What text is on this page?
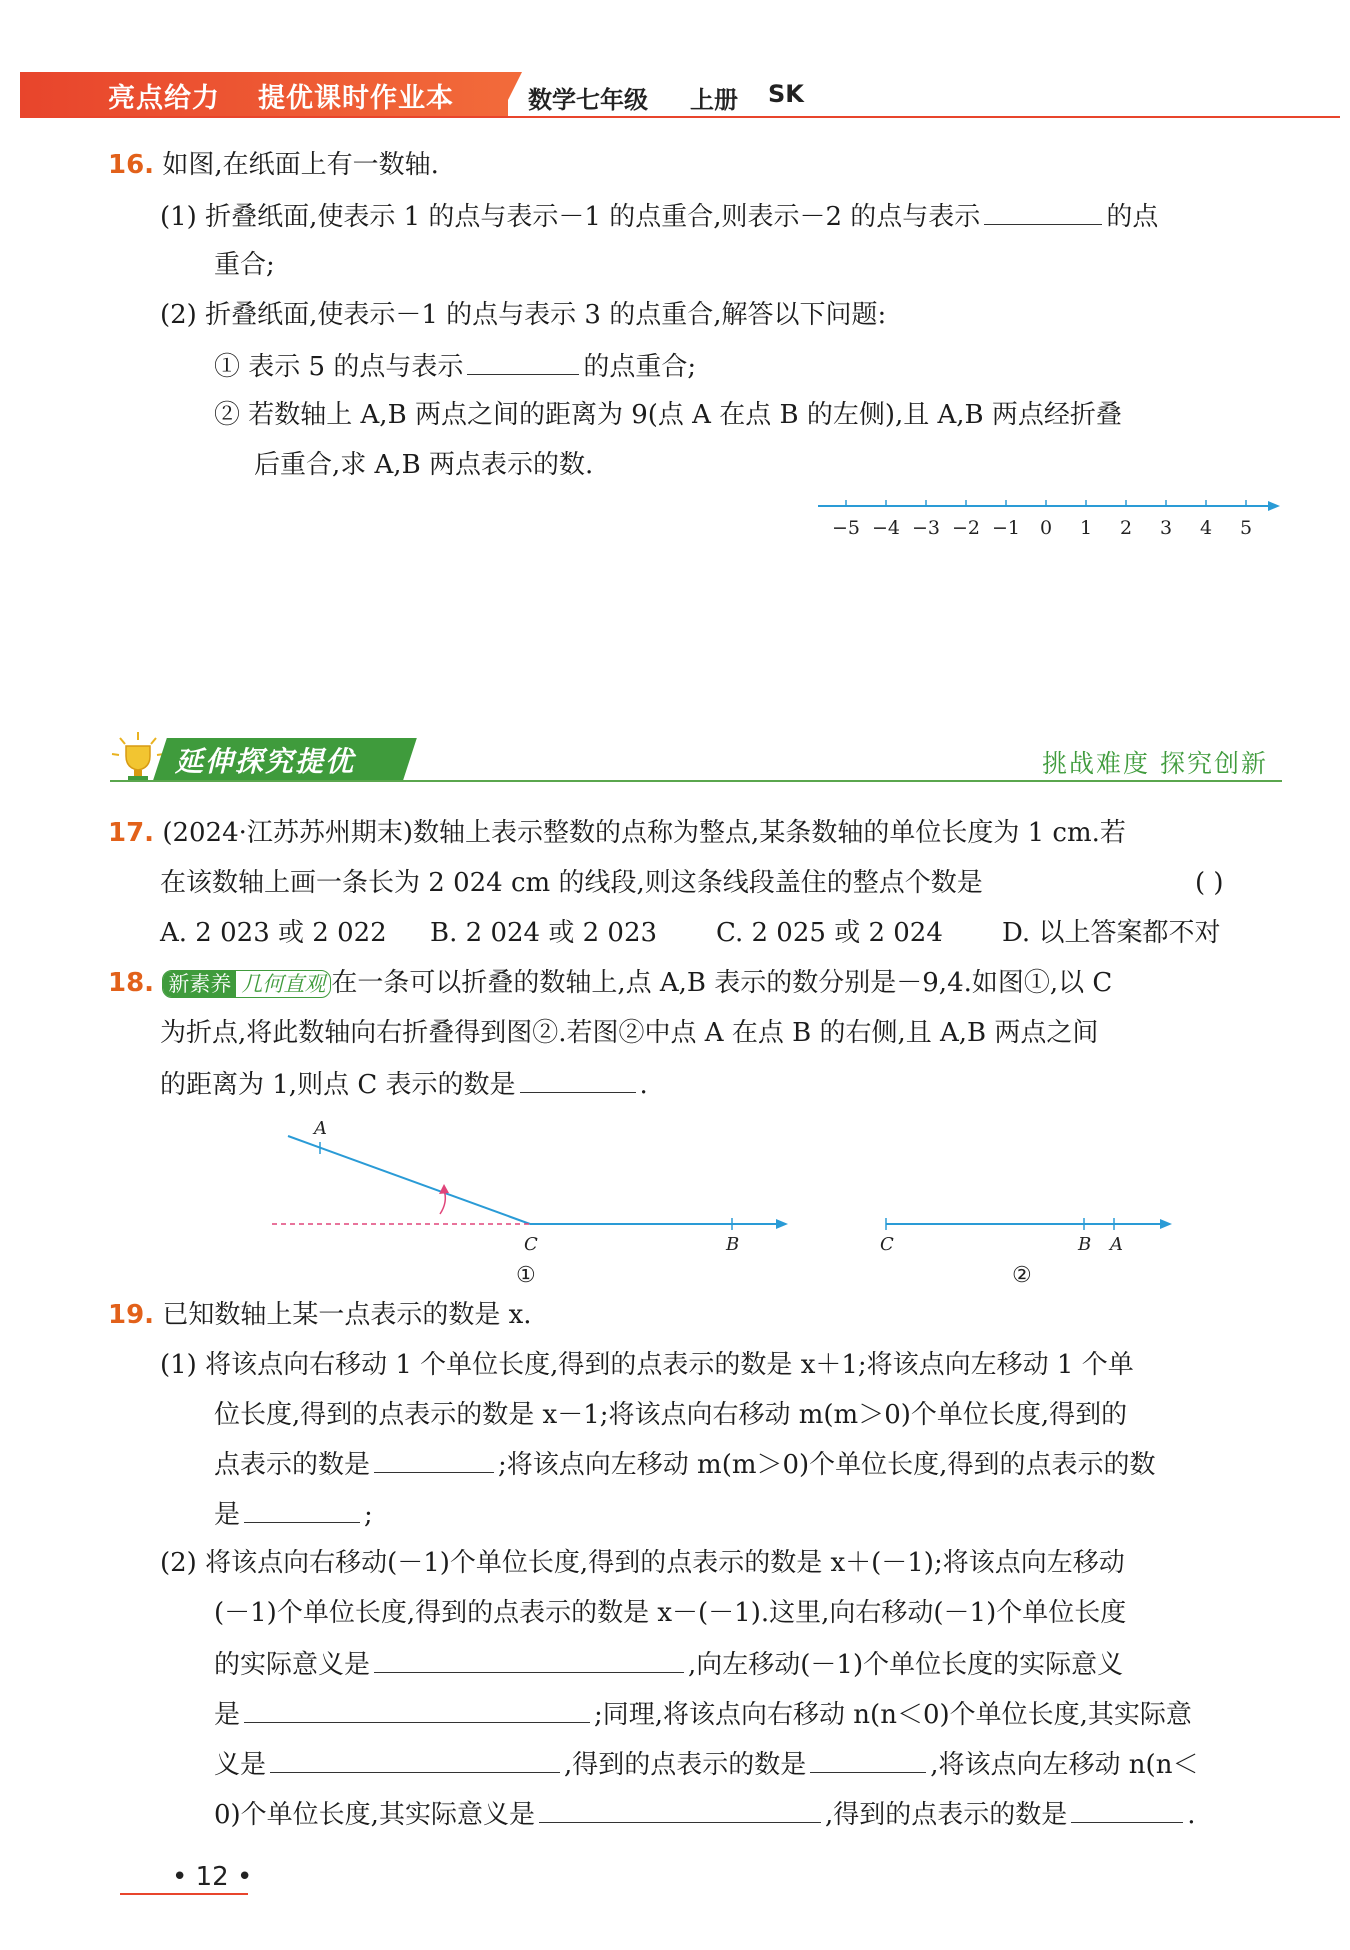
亮点给力 提优课时作业本	数学七年级 上册 SK
16. 如图,在纸面上有一数轴.
(1) 折叠纸面,使表示 1 的点与表示－1 的点重合,则表示－2 的点与表示	的点
重合;
(2) 折叠纸面,使表示－1 的点与表示 3 的点重合,解答以下问题:
① 表示 5 的点与表示	的点重合;
② 若数轴上 A,B 两点之间的距离为 9(点 A 在点 B 的左侧),且 A,B 两点经折叠
后重合,求 A,B 两点表示的数.
−5 −4 −3 −2 −1 0 1 2 3 4 5
延伸探究提优	挑战难度 探究创新
17. (2024·江苏苏州期末)数轴上表示整数的点称为整点,某条数轴的单位长度为 1 cm.若
在该数轴上画一条长为 2 024 cm 的线段,则这条线段盖住的整点个数是	( )
A. 2 023 或 2 022 B. 2 024 或 2 023 C. 2 025 或 2 024 D. 以上答案都不对
18. 新素养 几何直观 在一条可以折叠的数轴上,点 A,B 表示的数分别是－9,4.如图①,以 C
为折点,将此数轴向右折叠得到图②.若图②中点 A 在点 B 的右侧,且 A,B 两点之间
的距离为 1,则点 C 表示的数是	.
A
C	B
①
C	B A
②
19. 已知数轴上某一点表示的数是 x.
(1) 将该点向右移动 1 个单位长度,得到的点表示的数是 x＋1;将该点向左移动 1 个单
位长度,得到的点表示的数是 x－1;将该点向右移动 m(m＞0)个单位长度,得到的
点表示的数是	;将该点向左移动 m(m＞0)个单位长度,得到的点表示的数
是	;
(2) 将该点向右移动(－1)个单位长度,得到的点表示的数是 x＋(－1);将该点向左移动
(－1)个单位长度,得到的点表示的数是 x－(－1).这里,向右移动(－1)个单位长度
的实际意义是	,向左移动(－1)个单位长度的实际意义
是	;同理,将该点向右移动 n(n＜0)个单位长度,其实际意
义是	,得到的点表示的数是	,将该点向左移动 n(n＜
0)个单位长度,其实际意义是	,得到的点表示的数是	.
• 12 •
